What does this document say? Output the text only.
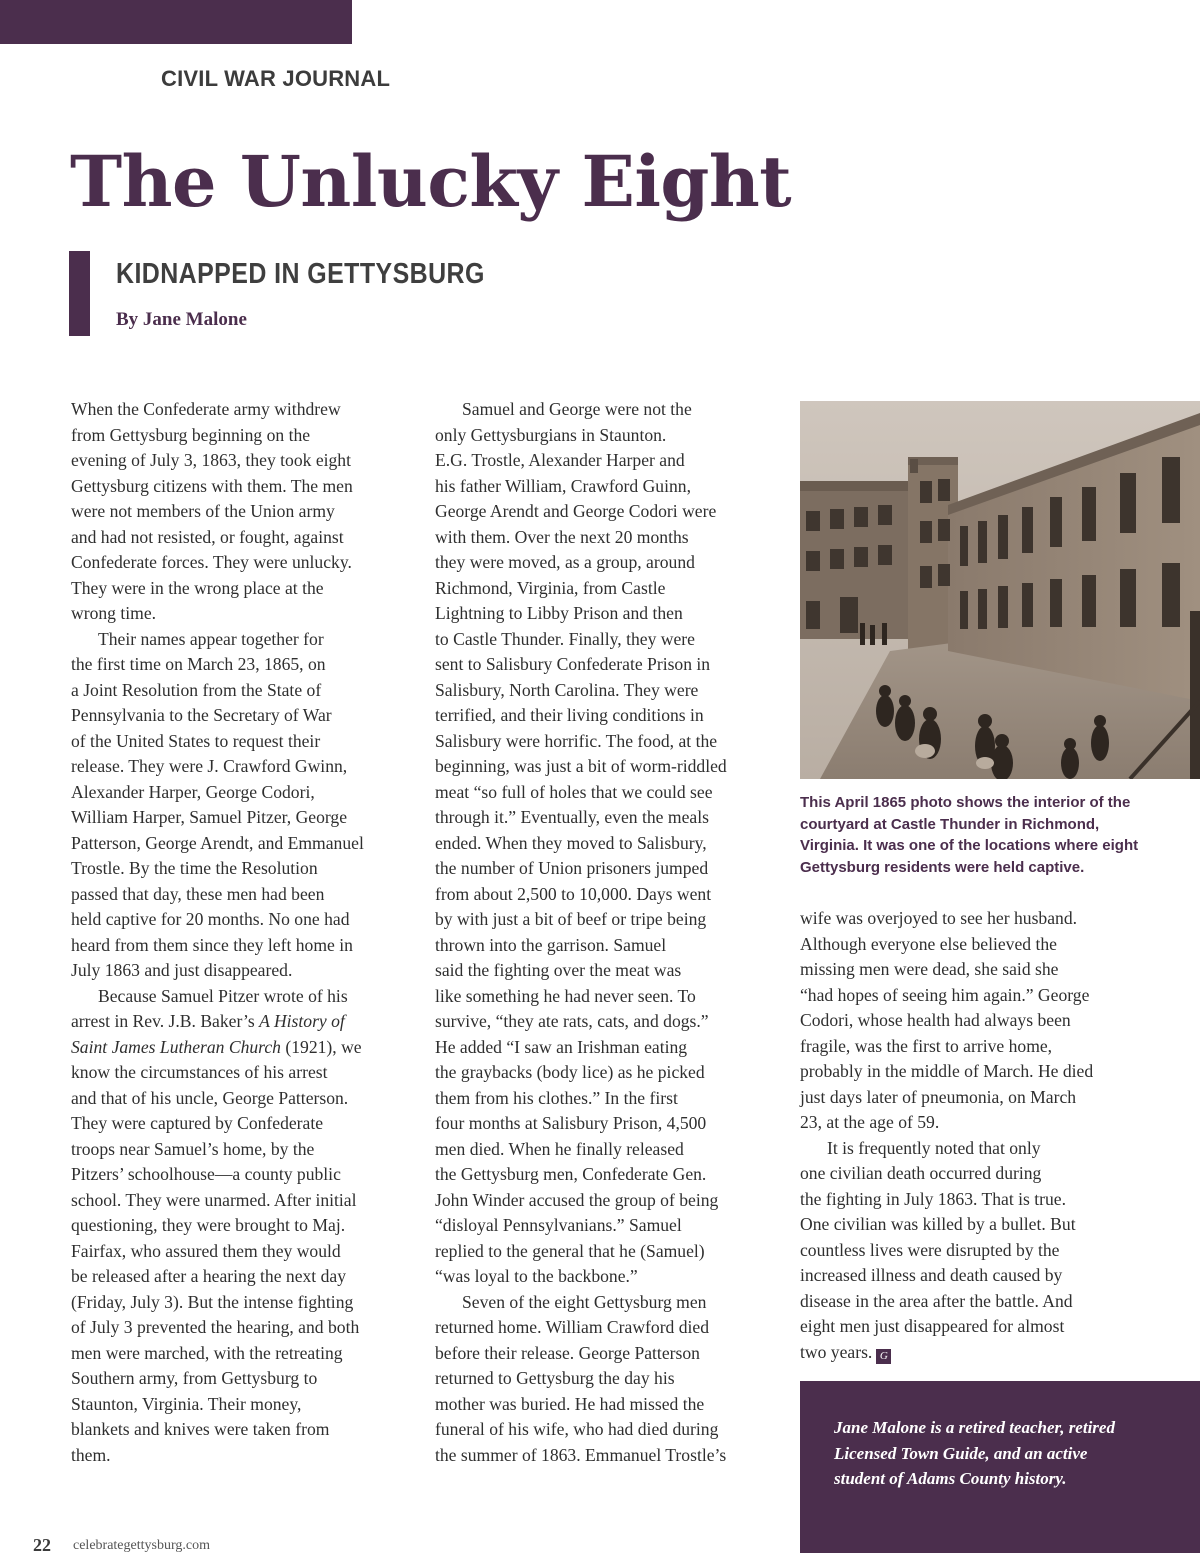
CIVIL WAR JOURNAL
The Unlucky Eight
KIDNAPPED IN GETTYSBURG
By Jane Malone

When the Confederate army withdrew
from Gettysburg beginning on the
evening of July 3, 1863, they took eight
Gettysburg citizens with them. The men
were not members of the Union army
and had not resisted, or fought, against
Confederate forces. They were unlucky.
They were in the wrong place at the
wrong time.

Their names appear together for
the first time on March 23, 1865, on
a Joint Resolution from the State of
Pennsylvania to the Secretary of War
of the United States to request their
release. They were J. Crawford Gwinn,
Alexander Harper, George Codori,
William Harper, Samuel Pitzer, George
Patterson, George Arendt, and Emmanuel
Trostle. By the time the Resolution
passed that day, these men had been
held captive for 20 months. No one had
heard from them since they left home in
July 1863 and just disappeared.

Because Samuel Pitzer wrote of his
arrest in Rev. J.B. Baker’s A History of
Saint James Lutheran Church (1921), we
know the circumstances of his arrest
and that of his uncle, George Patterson.
They were captured by Confederate
troops near Samuel’s home, by the
Pitzers’ schoolhouse—a county public
school. They were unarmed. After initial
questioning, they were brought to Maj.
Fairfax, who assured them they would
be released after a hearing the next day
(Friday, July 3). But the intense fighting
of July 3 prevented the hearing, and both
men were marched, with the retreating
Southern army, from Gettysburg to
Staunton, Virginia. Their money,
blankets and knives were taken from
them.

Samuel and George were not the
only Gettysburgians in Staunton.
E.G. Trostle, Alexander Harper and
his father William, Crawford Guinn,
George Arendt and George Codori were
with them. Over the next 20 months
they were moved, as a group, around
Richmond, Virginia, from Castle
Lightning to Libby Prison and then
to Castle Thunder. Finally, they were
sent to Salisbury Confederate Prison in
Salisbury, North Carolina. They were
terrified, and their living conditions in
Salisbury were horrific. The food, at the
beginning, was just a bit of worm-riddled
meat “so full of holes that we could see
through it.” Eventually, even the meals
ended. When they moved to Salisbury,
the number of Union prisoners jumped
from about 2,500 to 10,000. Days went
by with just a bit of beef or tripe being
thrown into the garrison. Samuel
said the fighting over the meat was
like something he had never seen. To
survive, “they ate rats, cats, and dogs.”
He added “I saw an Irishman eating
the graybacks (body lice) as he picked
them from his clothes.” In the first
four months at Salisbury Prison, 4,500
men died. When he finally released
the Gettysburg men, Confederate Gen.
John Winder accused the group of being
“disloyal Pennsylvanians.” Samuel
replied to the general that he (Samuel)
“was loyal to the backbone.”

Seven of the eight Gettysburg men
returned home. William Crawford died
before their release. George Patterson
returned to Gettysburg the day his
mother was buried. He had missed the
funeral of his wife, who had died during
the summer of 1863. Emmanuel Trostle’s

This April 1865 photo shows the interior of the courtyard at Castle Thunder in Richmond, Virginia. It was one of the locations where eight Gettysburg residents were held captive.

wife was overjoyed to see her husband.
Although everyone else believed the
missing men were dead, she said she
“had hopes of seeing him again.” George
Codori, whose health had always been
fragile, was the first to arrive home,
probably in the middle of March. He died
just days later of pneumonia, on March
23, at the age of 59.

It is frequently noted that only
one civilian death occurred during
the fighting in July 1863. That is true.
One civilian was killed by a bullet. But
countless lives were disrupted by the
increased illness and death caused by
disease in the area after the battle. And
eight men just disappeared for almost
two years. G

Jane Malone is a retired teacher, retired
Licensed Town Guide, and an active
student of Adams County history.
22 celebrategettysburg.com
